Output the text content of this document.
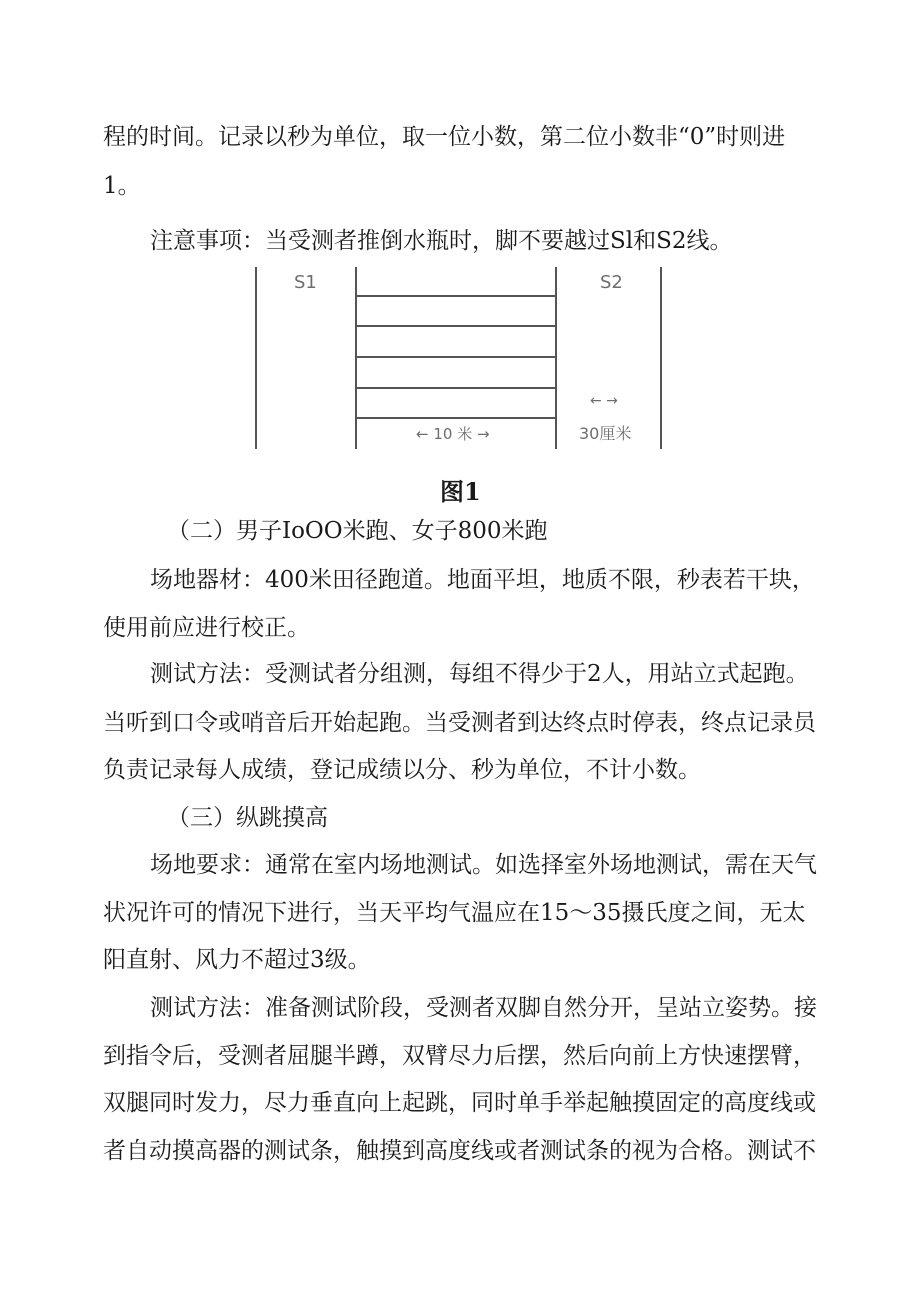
程的时间。记录以秒为单位，取一位小数，第二位小数非“0”时则进

1。

注意事项：当受测者推倒水瓶时，脚不要越过Sl和S2线。

S1	S2
← 10 米 →
← →
30厘米

图1

（二）男子IoOO米跑、女子800米跑

场地器材：400米田径跑道。地面平坦，地质不限，秒表若干块，

使用前应进行校正。

测试方法：受测试者分组测，每组不得少于2人，用站立式起跑。

当听到口令或哨音后开始起跑。当受测者到达终点时停表，终点记录员

负责记录每人成绩，登记成绩以分、秒为单位，不计小数。

（三）纵跳摸高

场地要求：通常在室内场地测试。如选择室外场地测试，需在天气

状况许可的情况下进行，当天平均气温应在15～35摄氏度之间，无太

阳直射、风力不超过3级。

测试方法：准备测试阶段，受测者双脚自然分开，呈站立姿势。接

到指令后，受测者屈腿半蹲，双臂尽力后摆，然后向前上方快速摆臂，

双腿同时发力，尽力垂直向上起跳，同时单手举起触摸固定的高度线或

者自动摸高器的测试条，触摸到高度线或者测试条的视为合格。测试不
